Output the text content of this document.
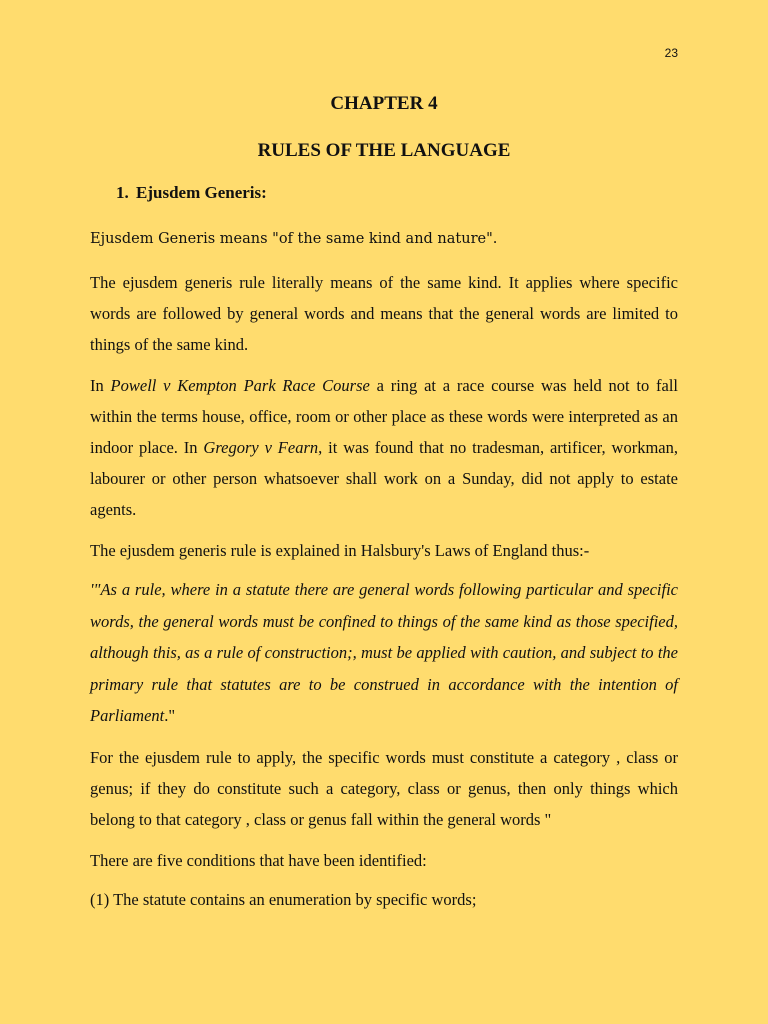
23
CHAPTER 4
RULES OF THE LANGUAGE
1. Ejusdem Generis:

Ejusdem Generis means "of the same kind and nature".

The ejusdem generis rule literally means of the same kind. It applies where specific words are followed by general words and means that the general words are limited to things of the same kind.

In Powell v Kempton Park Race Course a ring at a race course was held not to fall within the terms house, office, room or other place as these words were interpreted as an indoor place. In Gregory v Fearn, it was found that no tradesman, artificer, workman, labourer or other person whatsoever shall work on a Sunday, did not apply to estate agents.

The ejusdem generis rule is explained in Halsbury's Laws of England thus:-

'"As a rule, where in a statute there are general words following particular and specific words, the general words must be confined to things of the same kind as those specified, although this, as a rule of construction;, must be applied with caution, and subject to the primary rule that statutes are to be construed in accordance with the intention of Parliament."

For the ejusdem rule to apply, the specific words must constitute a category , class or genus; if they do constitute such a category, class or genus, then only things which belong to that category , class or genus fall within the general words "

There are five conditions that have been identified:

(1) The statute contains an enumeration by specific words;
